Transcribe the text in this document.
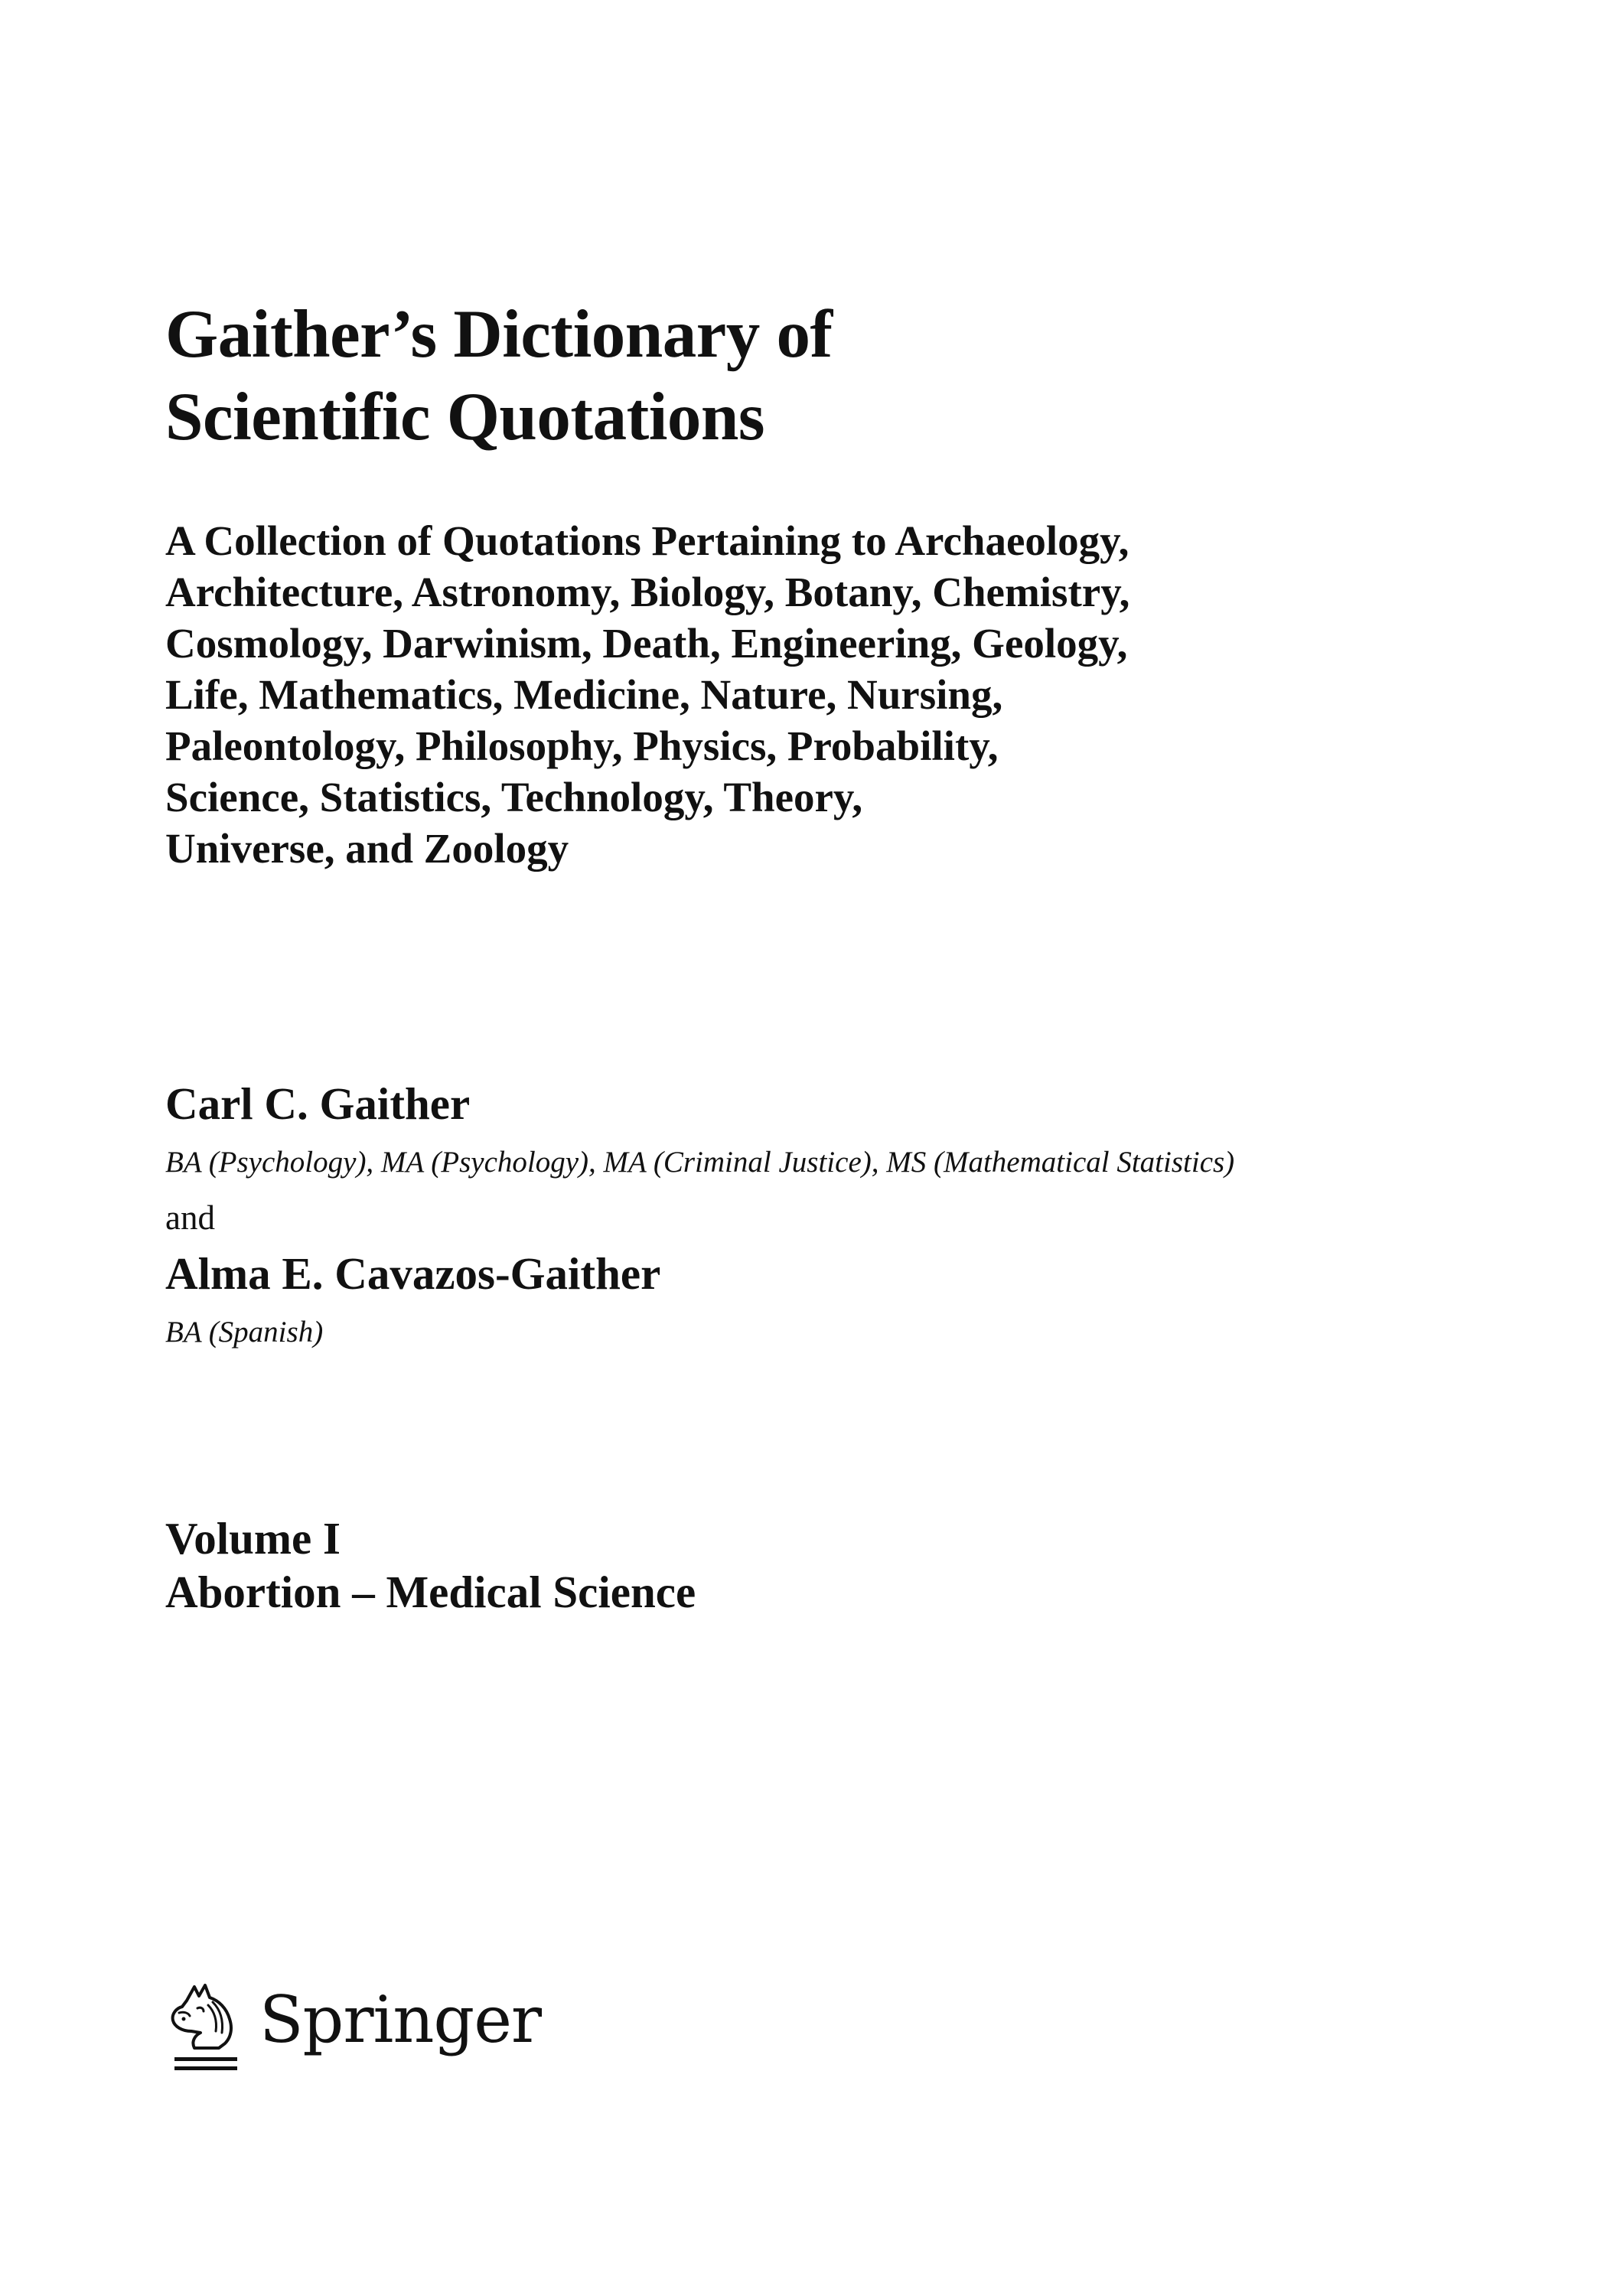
Gaither’s Dictionary of
Scientific Quotations
A Collection of Quotations Pertaining to Archaeology,
Architecture, Astronomy, Biology, Botany, Chemistry,
Cosmology, Darwinism, Death, Engineering, Geology,
Life, Mathematics, Medicine, Nature, Nursing,
Paleontology, Philosophy, Physics, Probability,
Science, Statistics, Technology, Theory,
Universe, and Zoology

Carl C. Gaither

BA (Psychology), MA (Psychology), MA (Criminal Justice), MS (Mathematical Statistics)

and

Alma E. Cavazos-Gaither

BA (Spanish)

Volume I
Abortion – Medical Science

Springer
